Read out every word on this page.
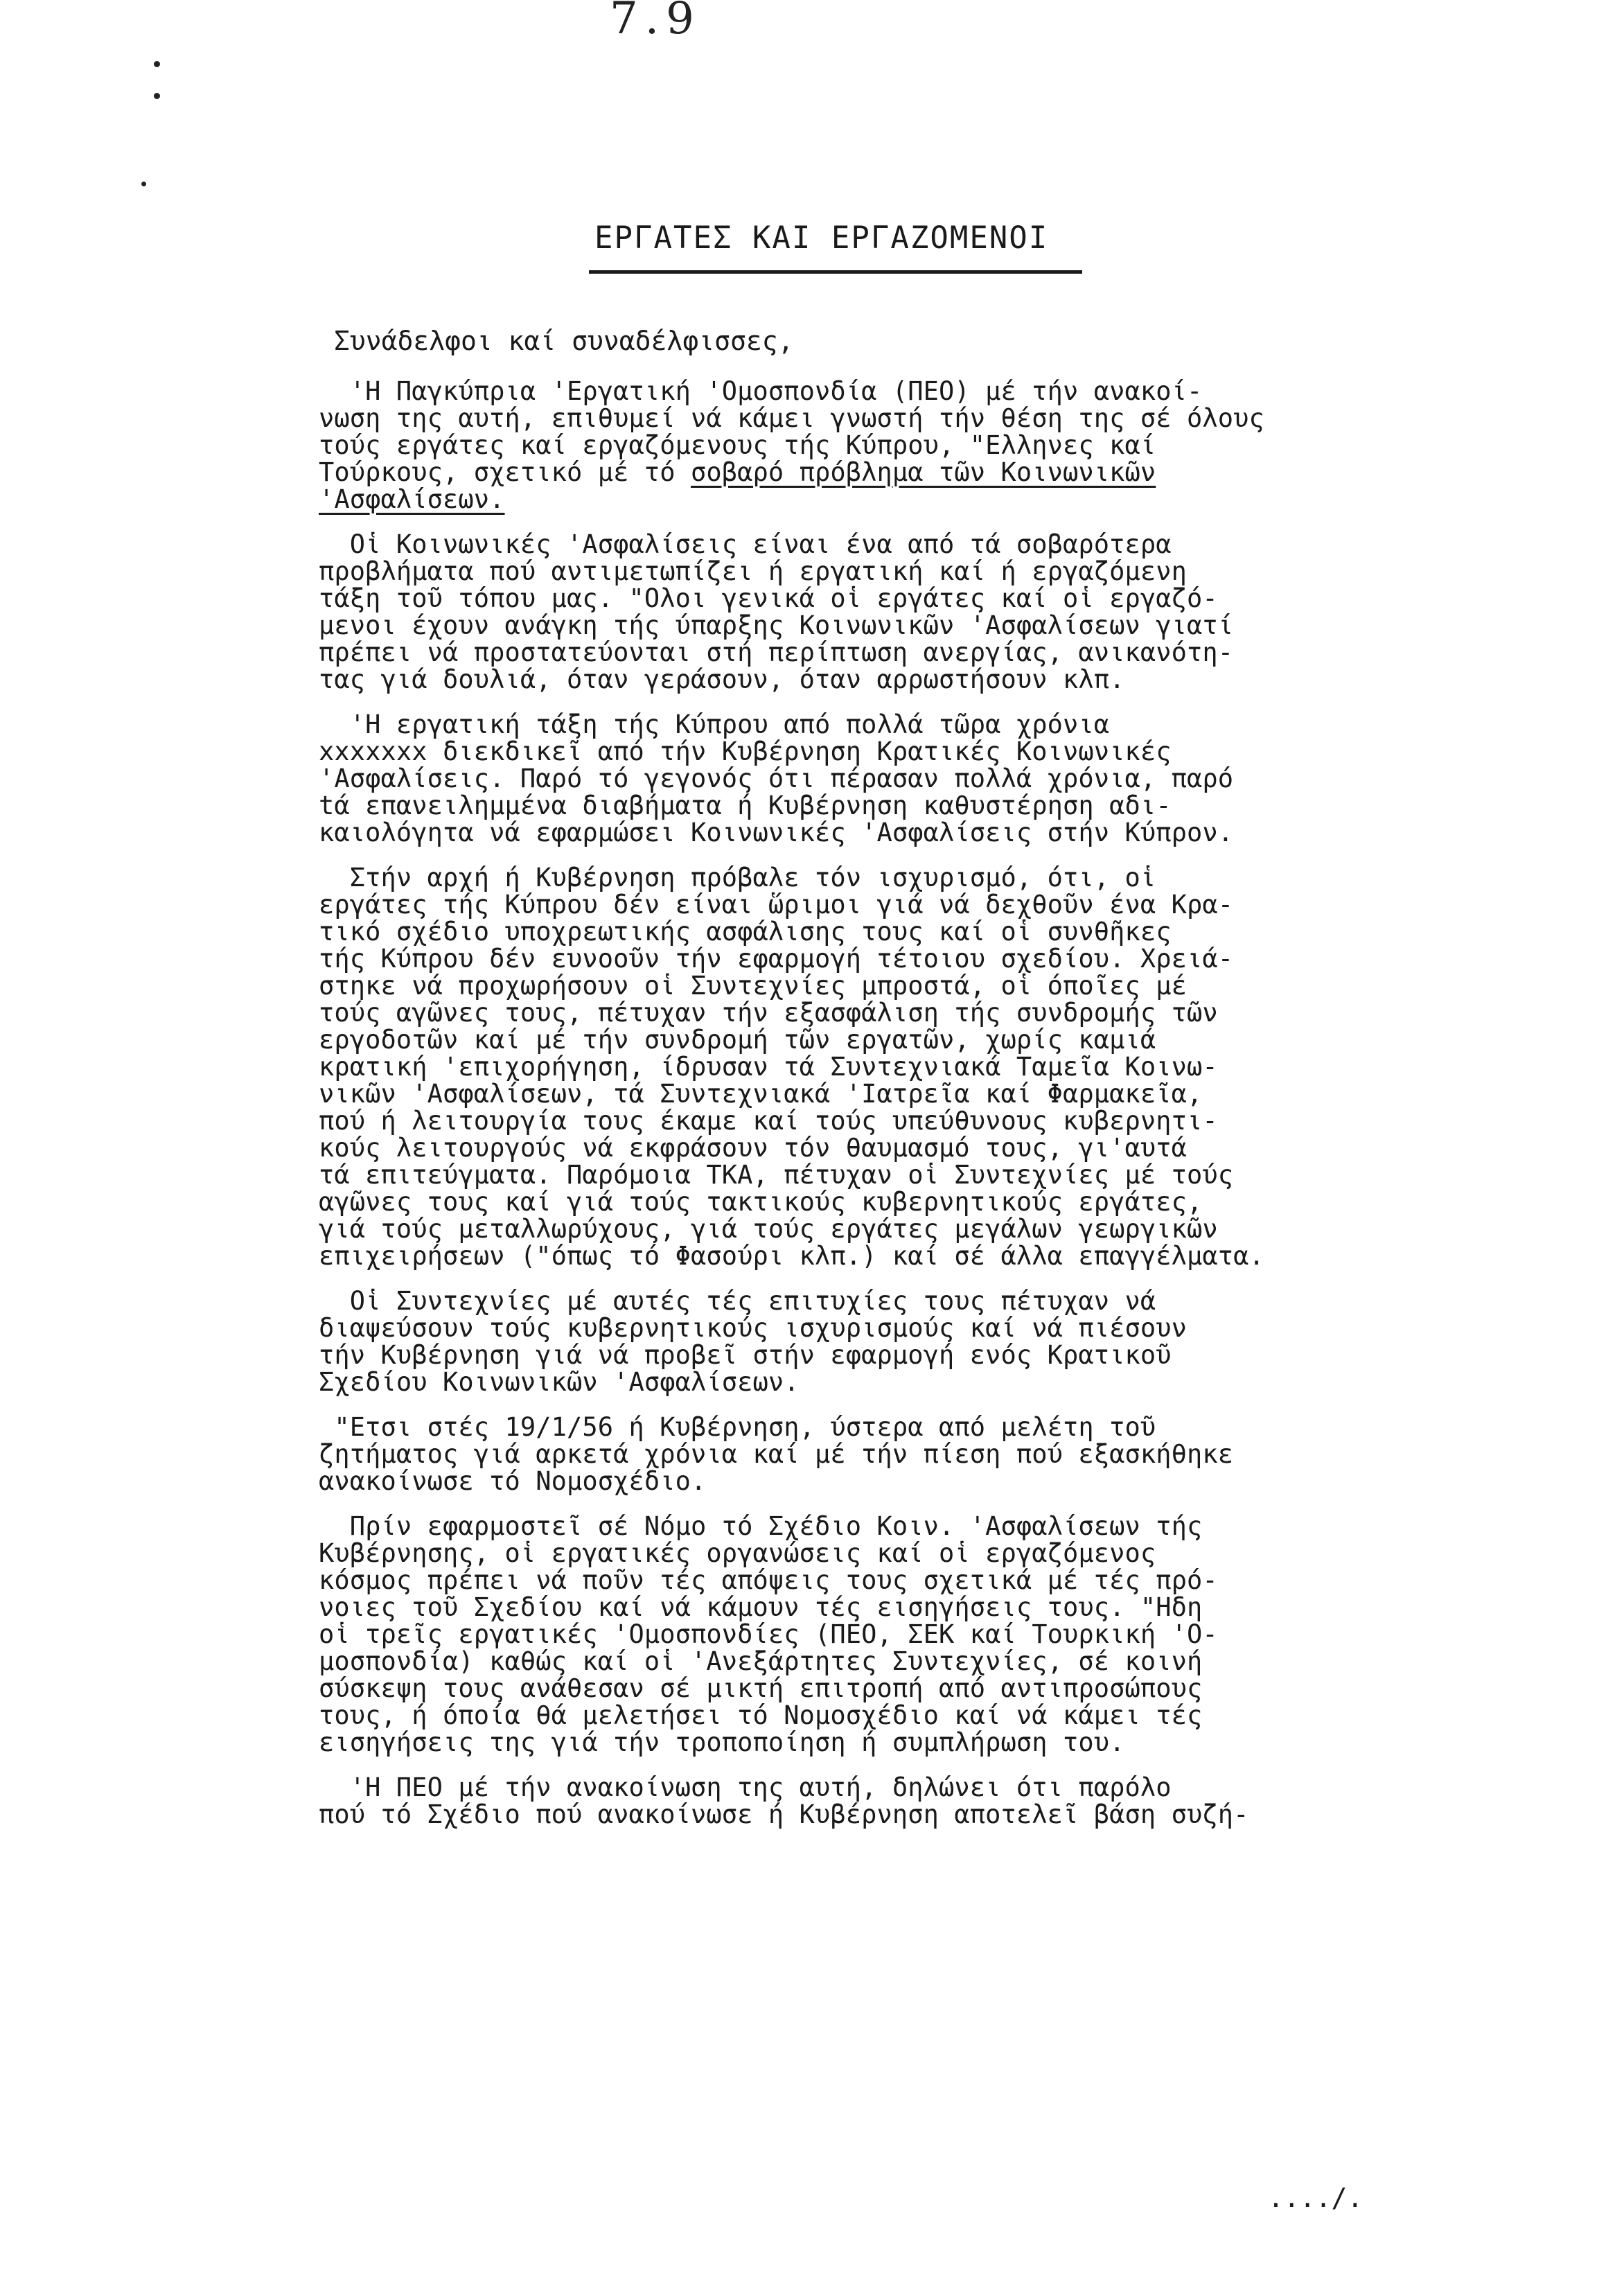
7.9
ΕΡΓΑΤΕΣ ΚΑΙ ΕΡΓΑΖΟΜΕΝΟΙ
Συνάδελφοι καί συναδέλφισσες,
'Η Παγκύπρια 'Εργατική 'Ομοσπονδία (ΠΕΟ) μέ τήν ανακοί-
νωση της αυτή, επιθυμεί νά κάμει γνωστή τήν θέση της σέ όλους
τούς εργάτες καί εργαζόμενους τής Κύπρου, "Ελληνες καί
Τούρκους, σχετικό μέ τό σοβαρό πρόβλημα τῶν Κοινωνικῶν
'Ασφαλίσεων.
Οἱ Κοινωνικές 'Ασφαλίσεις είναι ένα από τά σοβαρότερα
προβλήματα πού αντιμετωπίζει ή εργατική καί ή εργαζόμενη
τάξη τοῦ τόπου μας. "Ολοι γενικά οἱ εργάτες καί οἱ εργαζό-
μενοι έχουν ανάγκη τής ύπαρξης Κοινωνικῶν 'Ασφαλίσεων γιατί
πρέπει νά προστατεύονται στή περίπτωση ανεργίας, ανικανότη-
τας γιά δουλιά, όταν γεράσουν, όταν αρρωστήσουν κλπ.
'Η εργατική τάξη τής Κύπρου από πολλά τῶρα χρόνια
xxxxxxx διεκδικεῖ από τήν Κυβέρνηση Κρατικές Κοινωνικές
'Ασφαλίσεις. Παρό τό γεγονός ότι πέρασαν πολλά χρόνια, παρό
tά επανειλημμένα διαβήματα ή Κυβέρνηση καθυστέρηση αδι-
καιολόγητα νά εφαρμώσει Κοινωνικές 'Ασφαλίσεις στήν Κύπρον.
Στήν αρχή ή Κυβέρνηση πρόβαλε τόν ισχυρισμό, ότι, οἱ
εργάτες τής Κύπρου δέν είναι ὥριμοι γιά νά δεχθοῦν ένα Κρα-
τικό σχέδιο υποχρεωτικής ασφάλισης τους καί οἱ συνθῆκες
τής Κύπρου δέν ευνοοῦν τήν εφαρμογή τέτοιου σχεδίου. Χρειά-
στηκε νά προχωρήσουν οἱ Συντεχνίες μπροστά, οἱ όποῖες μέ
τούς αγῶνες τους, πέτυχαν τήν εξασφάλιση τής συνδρομής τῶν
εργοδοτῶν καί μέ τήν συνδρομή τῶν εργατῶν, χωρίς καμιά
κρατική 'επιχορήγηση, ίδρυσαν τά Συντεχνιακά Ταμεῖα Κοινω-
νικῶν 'Ασφαλίσεων, τά Συντεχνιακά 'Ιατρεῖα καί Φαρμακεῖα,
πού ή λειτουργία τους έκαμε καί τούς υπεύθυνους κυβερνητι-
κούς λειτουργούς νά εκφράσουν τόν θαυμασμό τους, γι'αυτά
τά επιτεύγματα. Παρόμοια ΤΚΑ, πέτυχαν οἱ Συντεχνίες μέ τούς
αγῶνες τους καί γιά τούς τακτικούς κυβερνητικούς εργάτες,
γιά τούς μεταλλωρύχους, γιά τούς εργάτες μεγάλων γεωργικῶν
επιχειρήσεων ("όπως τό Φασούρι κλπ.) καί σέ άλλα επαγγέλματα.
Οἱ Συντεχνίες μέ αυτές τές επιτυχίες τους πέτυχαν νά
διαψεύσουν τούς κυβερνητικούς ισχυρισμούς καί νά πιέσουν
τήν Κυβέρνηση γιά νά προβεῖ στήν εφαρμογή ενός Κρατικοῦ
Σχεδίου Κοινωνικῶν 'Ασφαλίσεων.
"Ετσι στές 19/1/56 ή Κυβέρνηση, ύστερα από μελέτη τοῦ
ζητήματος γιά αρκετά χρόνια καί μέ τήν πίεση πού εξασκήθηκε
ανακοίνωσε τό Νομοσχέδιο.
Πρίν εφαρμοστεῖ σέ Νόμο τό Σχέδιο Κοιν. 'Ασφαλίσεων τής
Κυβέρνησης, οἱ εργατικές οργανώσεις καί οἱ εργαζόμενος
κόσμος πρέπει νά ποῦν τές απόψεις τους σχετικά μέ τές πρό-
νοιες τοῦ Σχεδίου καί νά κάμουν τές εισηγήσεις τους. "Ηδη
οἱ τρεῖς εργατικές 'Ομοσπονδίες (ΠΕΟ, ΣΕΚ καί Τουρκική 'Ο-
μοσπονδία) καθώς καί οἱ 'Ανεξάρτητες Συντεχνίες, σέ κοινή
σύσκεψη τους ανάθεσαν σέ μικτή επιτροπή από αντιπροσώπους
τους, ή όποία θά μελετήσει τό Νομοσχέδιο καί νά κάμει τές
εισηγήσεις της γιά τήν τροποποίηση ή συμπλήρωση του.
'Η ΠΕΟ μέ τήν ανακοίνωση της αυτή, δηλώνει ότι παρόλο
πού τό Σχέδιο πού ανακοίνωσε ή Κυβέρνηση αποτελεῖ βάση συζή-
..../.
